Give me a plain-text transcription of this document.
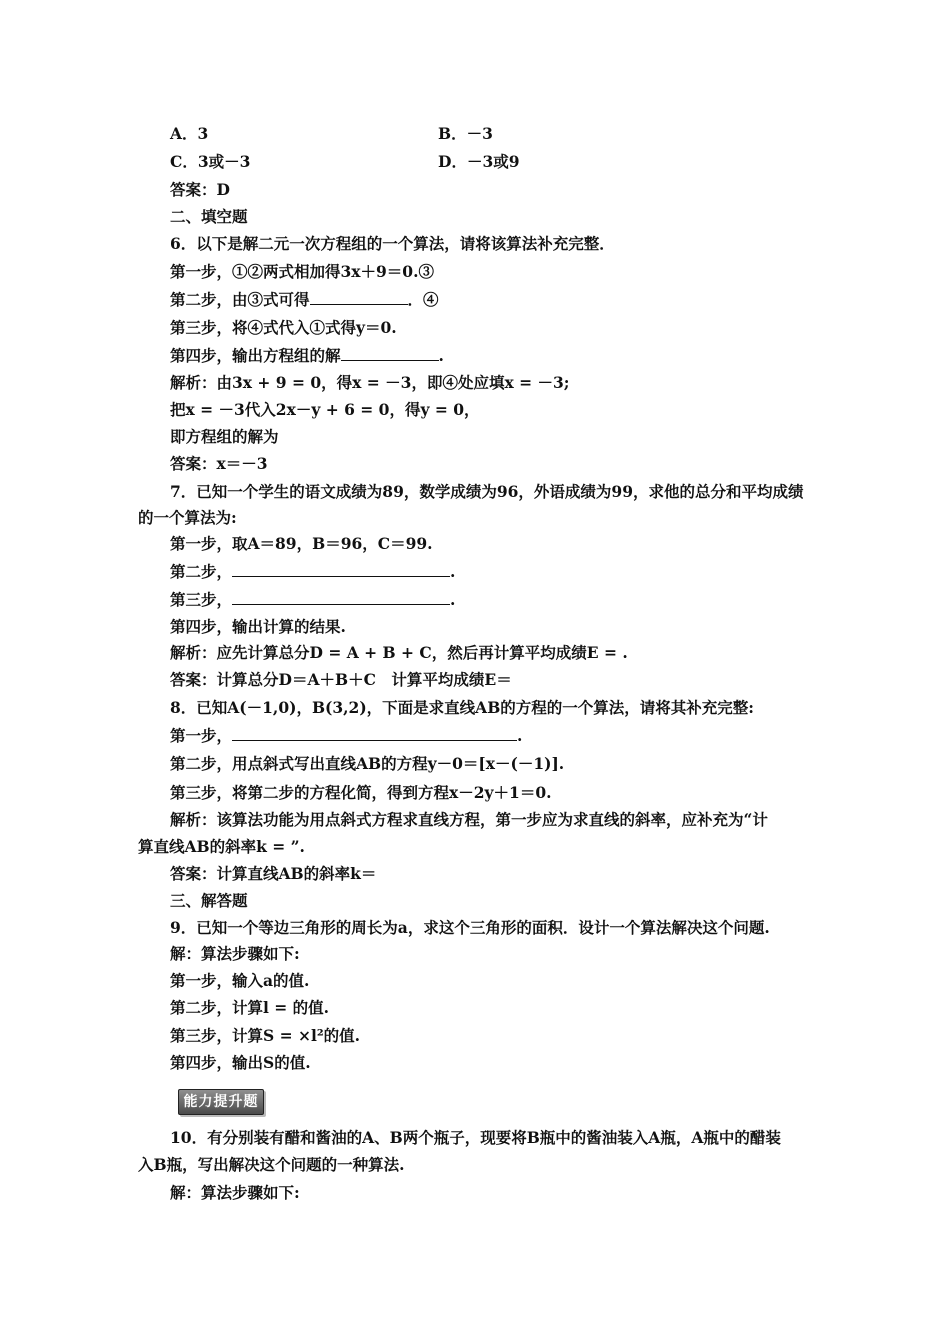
A．3	B．－3
C．3或－3	D．－3或9
答案：D
二、填空题
6．以下是解二元一次方程组的一个算法，请将该算法补充完整．
第一步，①②两式相加得3x＋9＝0.③
第二步，由③式可得	．④
第三步，将④式代入①式得y＝0.
第四步，输出方程组的解	.
解析：由3x + 9 = 0，得x = －3，即④处应填x = －3;
把x = －3代入2x－y + 6 = 0，得y = 0，
即方程组的解为
答案：x＝－3
7．已知一个学生的语文成绩为89，数学成绩为96，外语成绩为99，求他的总分和平均成绩
的一个算法为:
第一步，取A＝89，B＝96，C＝99.
第二步，	.
第三步，	.
第四步，输出计算的结果.
解析：应先计算总分D = A + B + C，然后再计算平均成绩E = .
答案：计算总分D＝A＋B＋C　计算平均成绩E＝
8．已知A(－1,0)，B(3,2)，下面是求直线AB的方程的一个算法，请将其补充完整:
第一步，	.
第二步，用点斜式写出直线AB的方程y－0＝[x－(－1)].
第三步，将第二步的方程化简，得到方程x－2y＋1＝0.
解析：该算法功能为用点斜式方程求直线方程，第一步应为求直线的斜率，应补充为“计
算直线AB的斜率k = ”.
答案：计算直线AB的斜率k＝
三、解答题
9．已知一个等边三角形的周长为a，求这个三角形的面积．设计一个算法解决这个问题.
解：算法步骤如下:
第一步，输入a的值.
第二步，计算l = 的值.
第三步，计算S = ×l²的值.
第四步，输出S的值.
能力提升题
10．有分别装有醋和酱油的A、B两个瓶子，现要将B瓶中的酱油装入A瓶，A瓶中的醋装
入B瓶，写出解决这个问题的一种算法.
解：算法步骤如下:
